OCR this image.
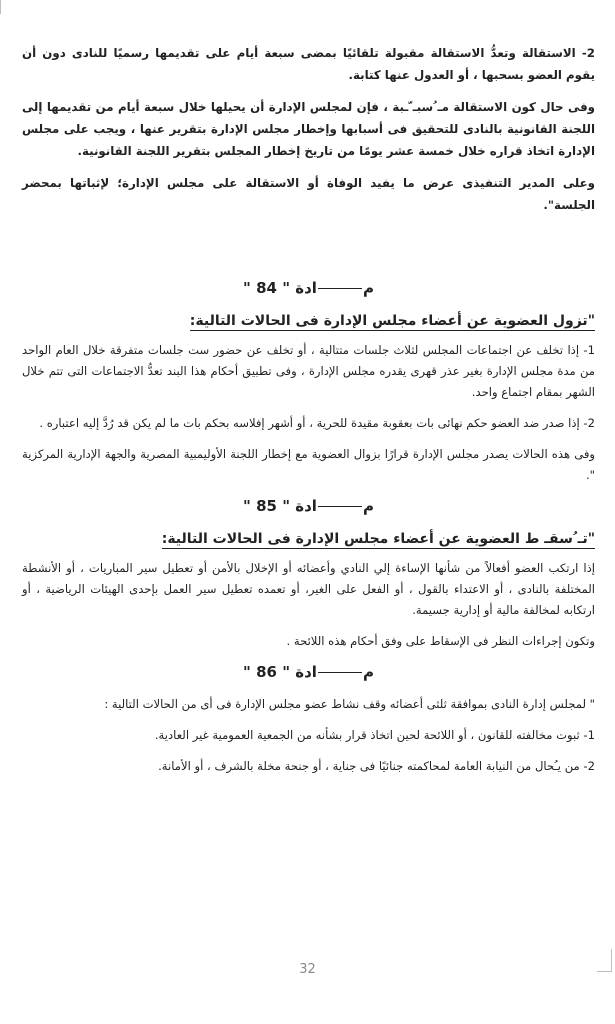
2- الاستقالة وتعدُّ الاستقالة مقبولة تلقائيًا بمضى سبعة أيام على تقديمها رسميًا للنادى دون أن يقوم العضو بسحبها ، أو العدول عنها كتابة.

وفى حال كون الاستقالة مـ ُسبـ ّـبة ، فإن لمجلس الإدارة أن يحيلها خلال سبعة أيام من تقديمها إلى اللجنة القانونية بالنادى للتحقيق فى أسبابها وإخطار مجلس الإدارة بتقرير عنها ، ويجب على مجلس الإدارة اتخاذ قراره خلال خمسة عشر يومًا من تاريخ إخطار المجلس بتقرير اللجنة القانونية.

وعلى المدير التنفيذى عرض ما يفيد الوفاة أو الاستقالة على مجلس الإدارة؛ لإثباتها بمحضر الجلسة".

مادة " 84 "
"تزول العضوية عن أعضاء مجلس الإدارة فى الحالات التالية:

1- إذا تخلف عن اجتماعات المجلس لثلاث جلسات متتالية ، أو تخلف عن حضور ست جلسات متفرقة خلال العام الواحد من مدة مجلس الإدارة بغير عذر قهرى يقدره مجلس الإدارة ، وفى تطبيق أحكام هذا البند تعدُّ الاجتماعات التى تتم خلال الشهر بمقام اجتماع واحد.

2- إذا صدر ضد العضو حكم نهائى بات بعقوبة مقيدة للحرية ، أو أشهر إفلاسه بحكم بات ما لم يكن قد رُدَّ إليه اعتباره .

وفى هذه الحالات يصدر مجلس الإدارة قرارًا بزوال العضوية مع إخطار اللجنة الأوليمبية المصرية والجهة الإدارية المركزية ".

مادة " 85 "
"تـ ُسقـ ط العضوية عن أعضاء مجلس الإدارة فى الحالات التالية:

إذا ارتكب العضو أفعالاً من شأنها الإساءة إلي النادي وأعضائه أو الإخلال بالأمن أو تعطيل سير المباريات ، أو الأنشطة المختلفة بالنادى ، أو الاعتداء بالقول ، أو الفعل على الغير، أو تعمده تعطيل سير العمل بإحدى الهيئات الرياضية ، أو ارتكابه لمخالفة مالية أو إدارية جسيمة.

وتكون إجراءات النظر فى الإسقاط على وفق أحكام هذه اللائحة .

مادة " 86 "

" لمجلس إدارة النادى بموافقة ثلثى أعضائه وقف نشاط عضو مجلس الإدارة فى أى من الحالات التالية :

1- ثبوت مخالفته للقانون ، أو اللائحة لحين اتخاذ قرار بشأنه من الجمعية العمومية غير العادية.

2- من يـُحال من النيابة العامة لمحاكمته جنائيًا فى جناية ، أو جنحة مخلة بالشرف ، أو الأمانة.

32
